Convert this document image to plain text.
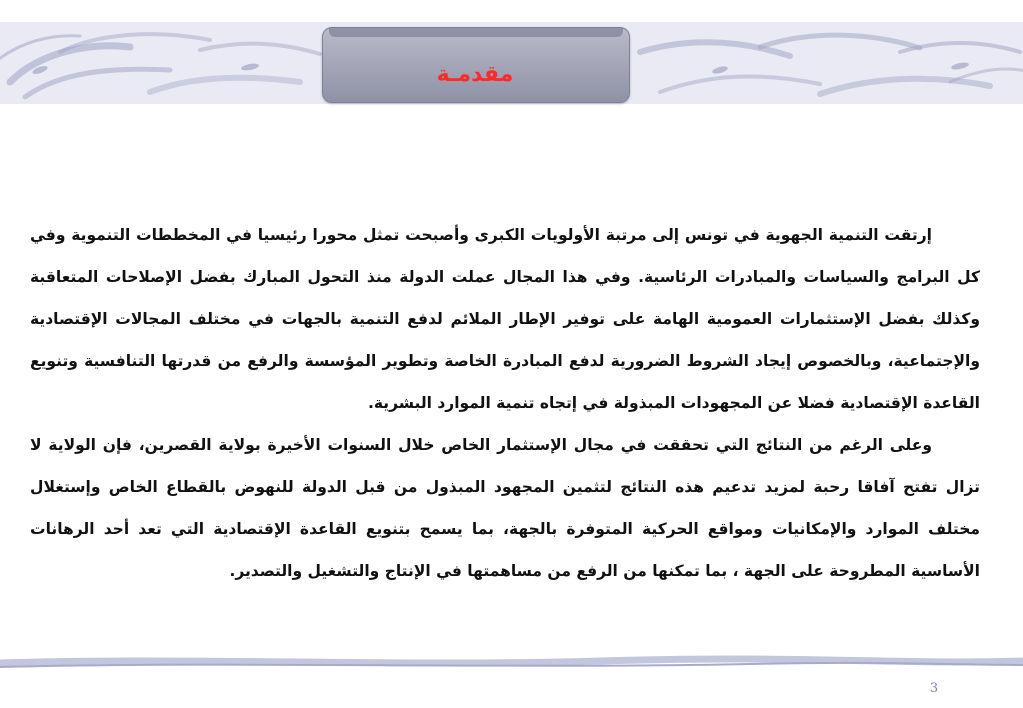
مقدمـة

إرتقت التنمية الجهوية في تونس إلى مرتبة الأولويات الكبرى وأصبحت تمثل محورا رئيسيا في المخططات التنموية وفي كل البرامج والسياسات والمبادرات الرئاسية. وفي هذا المجال عملت الدولة منذ التحول المبارك بفضل الإصلاحات المتعاقبة وكذلك بفضل الإستثمارات العمومية الهامة على توفير الإطار الملائم لدفع التنمية بالجهات في مختلف المجالات الإقتصادية والإجتماعية، وبالخصوص إيجاد الشروط الضرورية لدفع المبادرة الخاصة وتطوير المؤسسة والرفع من قدرتها التنافسية وتنويع القاعدة الإقتصادية فضلا عن المجهودات المبذولة في إتجاه تنمية الموارد البشرية.

وعلى الرغم من النتائج التي تحققت في مجال الإستثمار الخاص خلال السنوات الأخيرة بولاية القصرين، فإن الولاية لا تزال تفتح آفاقا رحبة لمزيد تدعيم هذه النتائج لتثمين المجهود المبذول من قبل الدولة للنهوض بالقطاع الخاص وإستغلال مختلف الموارد والإمكانيات ومواقع الحركية المتوفرة بالجهة، بما يسمح بتنويع القاعدة الإقتصادية التي تعد أحد الرهانات الأساسية المطروحة على الجهة ، بما تمكنها من الرفع من مساهمتها في الإنتاج والتشغيل والتصدير.

3
